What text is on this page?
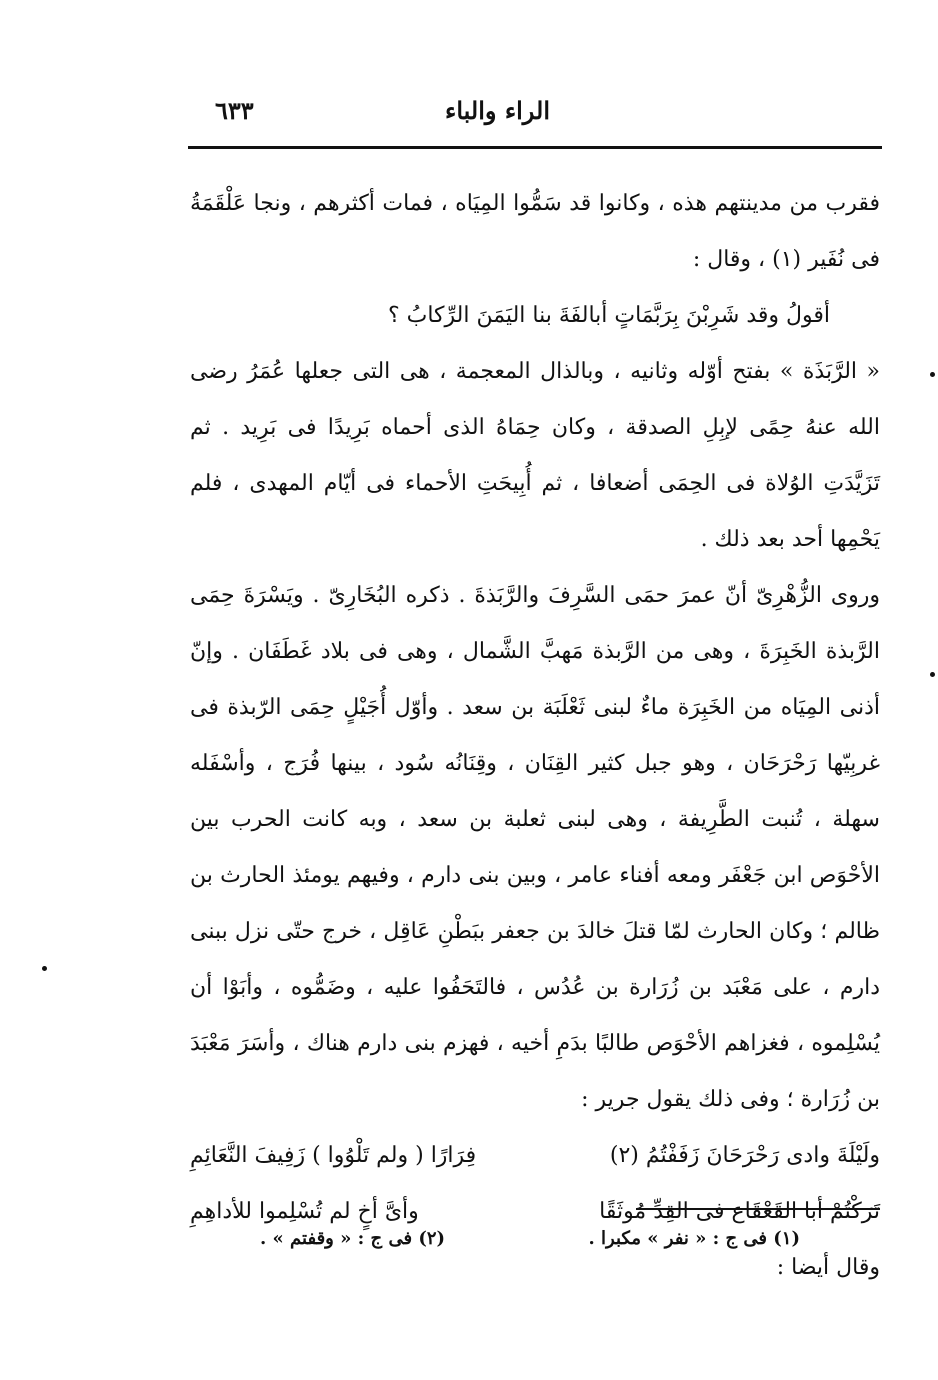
الراء والباء
٦٣٣

فقرب من مدينتهم هذه ، وكانوا قد سَمُّوا المِيَاه ، فمات أكثرهم ، ونجا عَلْقَمَةُ فى نُفَير (١) ، وقال :

أقولُ وقد شَرِبْنَ بِرَبَّمَاتٍ أبالفَةَ بنا اليَمَنَ الرِّكابُ ؟

« الرَّبَذَة » بفتح أوّله وثانيه ، وبالذال المعجمة ، هى التى جعلها عُمَرُ رضى الله عنهُ حِمًى لإبِلِ الصدقة ، وكان حِمَاهُ الذى أحماه بَرِيدًا فى بَرِيد . ثم تَزَيَّدَتِ الوُلاة فى الحِمَى أضعافا ، ثم أُبِيحَتِ الأحماء فى أيّام المهدى ، فلم يَحْمِها أحد بعد ذلك .

وروى الزُّهْرِىّ أنّ عمرَ حمَى السَّرِفَ والرَّبَذةَ . ذكره البُخَارِىّ . ويَسْرَةَ حِمَى الرَّبذة الخَبِرَةَ ، وهى من الرَّبذة مَهبَّ الشَّمال ، وهى فى بلاد غَطَفَان . وإنّ أذنى المِيَاه من الخَبِرَة ماءٌ لبنى ثَعْلَبَة بن سعد . وأوّل أُجَيْلٍ حِمَى الرّبذة فى غربِيّها رَحْرَحَان ، وهو جبل كثير القِنَان ، وقِنَانُه سُود ، بينها فُرَج ، وأسْفَله سهلة ، تُنبت الطَّرِيفة ، وهى لبنى ثعلبة بن سعد ، وبه كانت الحرب بين الأحْوَص ابن جَعْفَر ومعه أفناء عامر ، وبين بنى دارم ، وفيهم يومئذ الحارث بن ظالم ؛ وكان الحارث لمّا قتلَ خالدَ بن جعفر ببَطْنِ عَاقِل ، خرج حتّى نزل ببنى دارم ، على مَعْبَد بن زُرَارة بن عُدُس ، فالتَحَفُوا عليه ، وضَمُّوه ، وأبَوْا أن يُسْلِموه ، فغزاهم الأحْوَص طالبًا بدَمِ أخيه ، فهزم بنى دارم هناك ، وأسَرَ مَعْبَدَ بن زُرَارة ؛ وفى ذلك يقول جرير :

ولَيْلَةَ وادى رَحْرَحَانَ زَفَفْتُمُ (٢)
فِرَارًا ( ولم تَلْوُوا ) زَفِيفَ النَّعَائِمِ
تَرَكْتُمْ أبا القَعْقَاع فى القِدِّ مُوثَقًا
وأىَّ أخٍ لم تُسْلِموا للأداهِمِ

وقال أيضا :

(١) فى ج : « نفر » مكبرا .
(٢) فى ج : « وقفتم » .
